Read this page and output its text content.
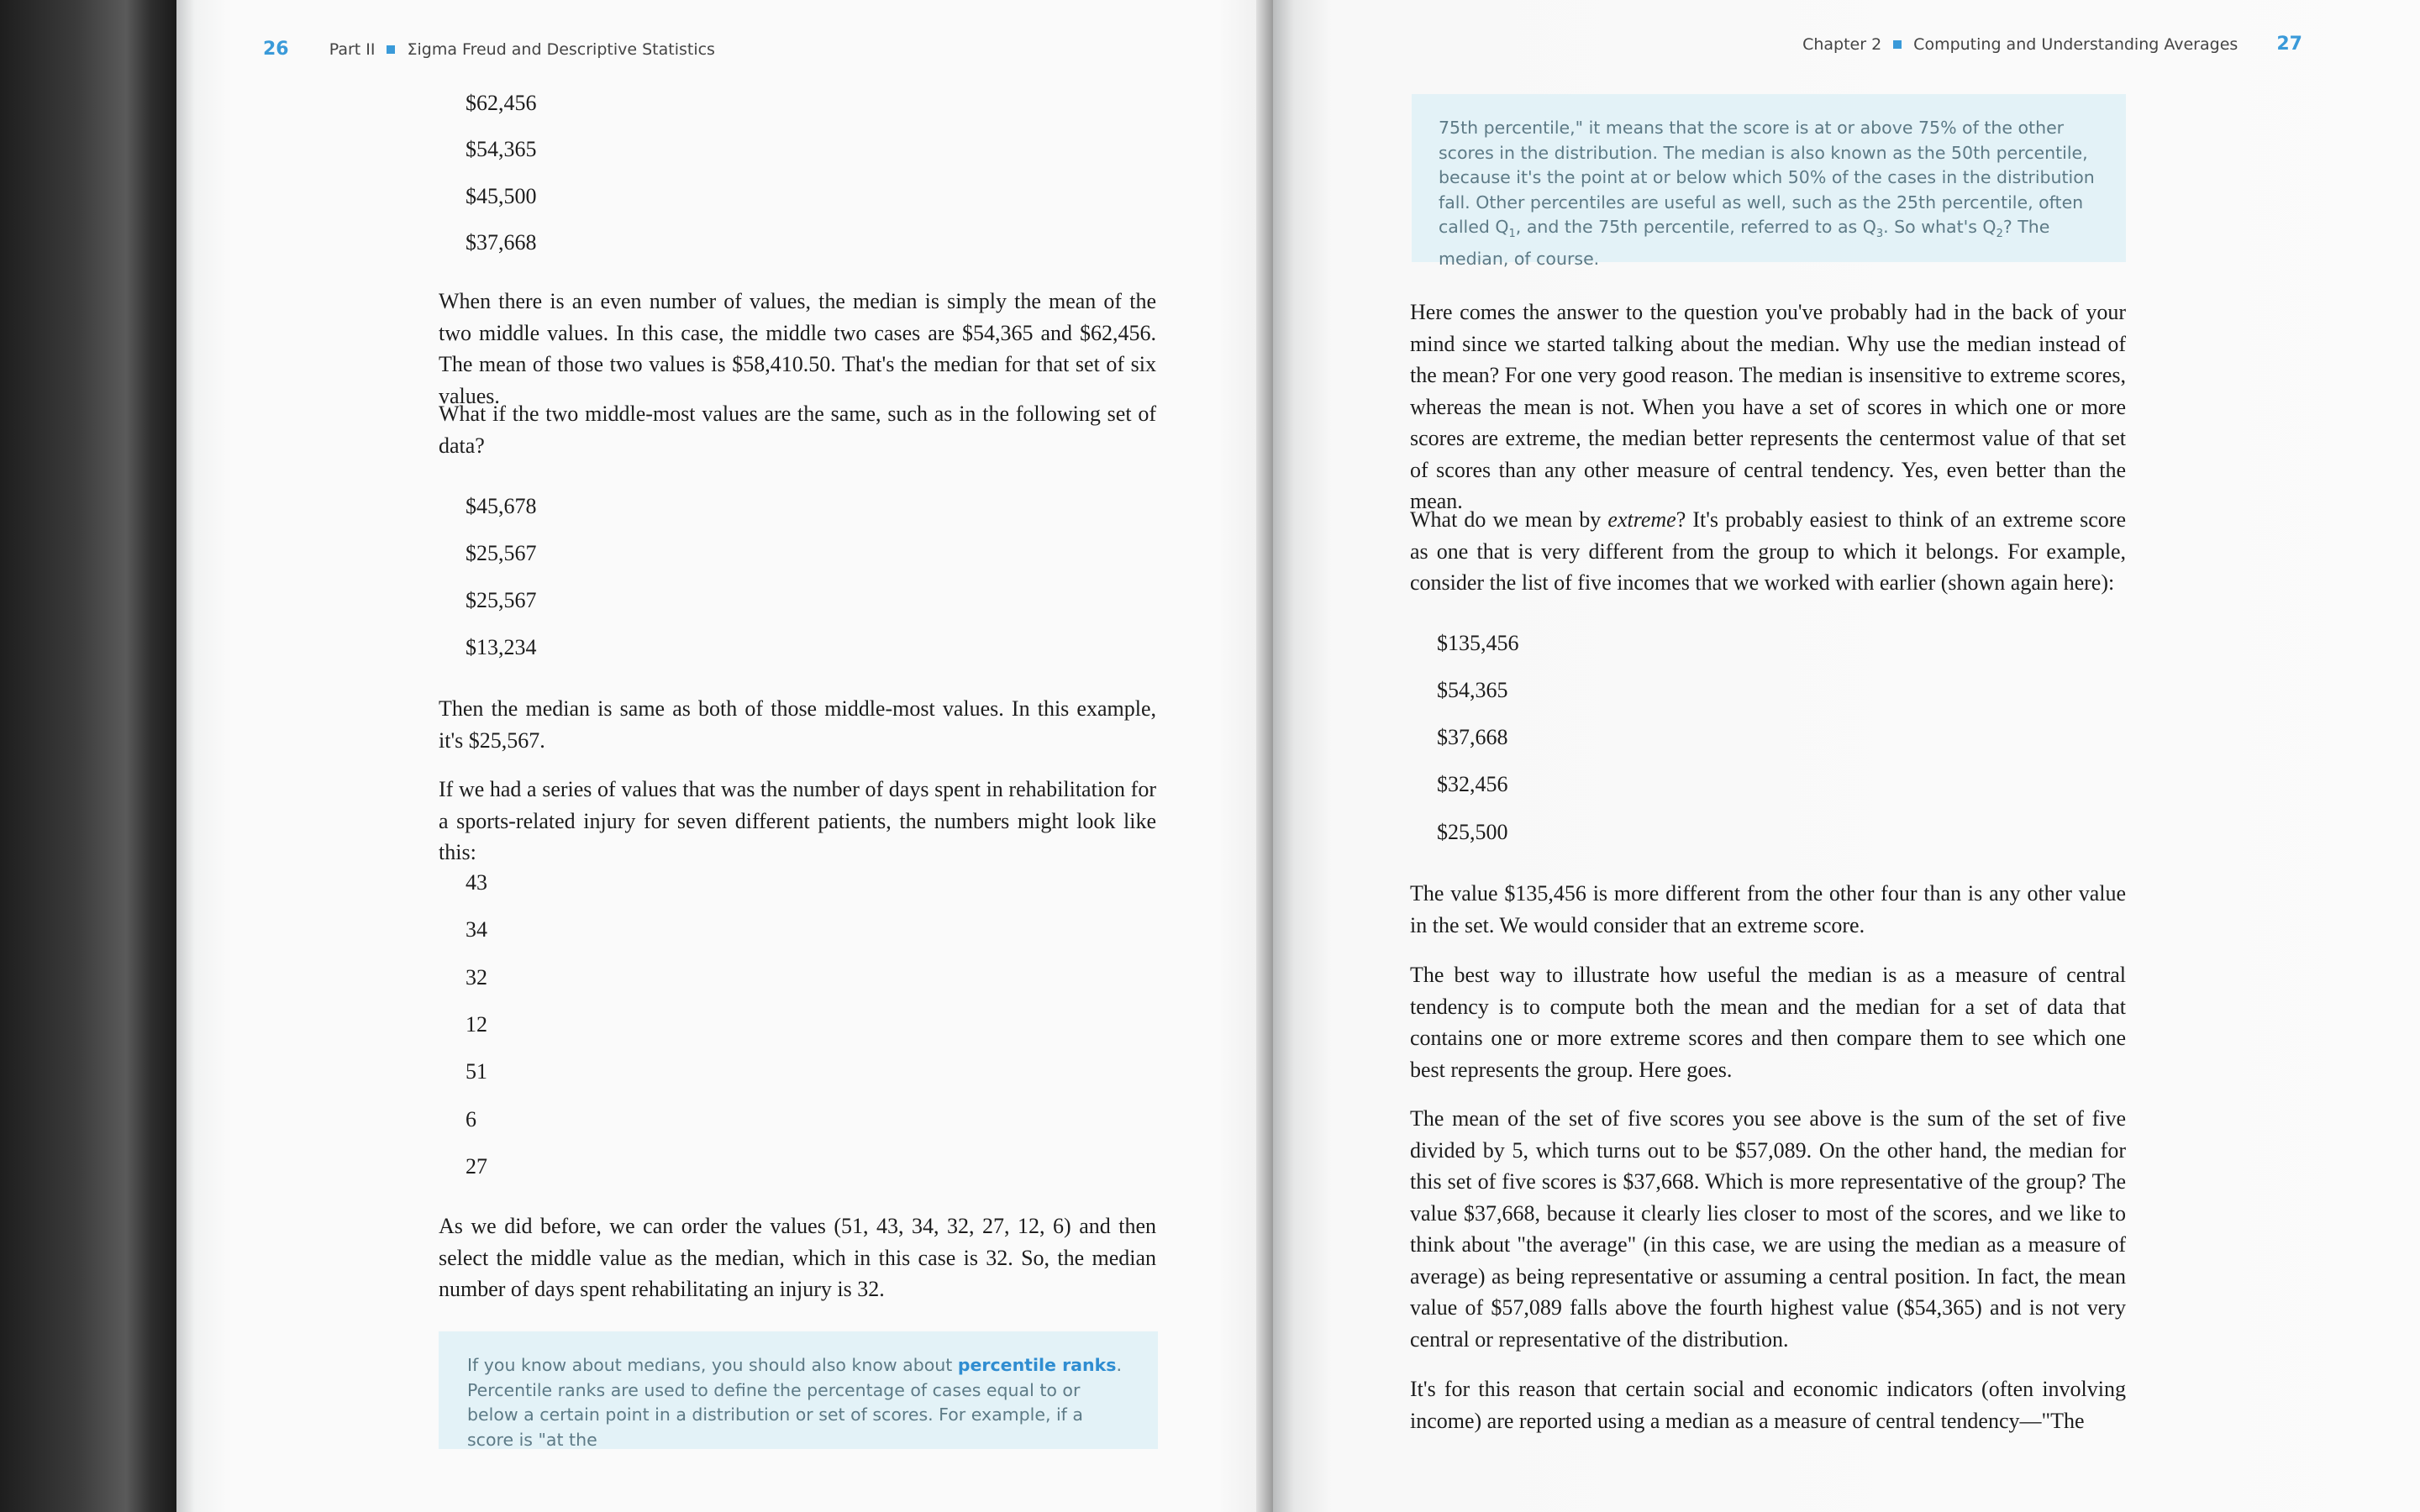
26	Part II Σigma Freud and Descriptive Statistics
$62,456
$54,365
$45,500
$37,668

When there is an even number of values, the median is simply the mean of the two middle values. In this case, the middle two cases are $54,365 and $62,456. The mean of those two values is $58,410.50. That's the median for that set of six values.

What if the two middle-most values are the same, such as in the following set of data?

$45,678
$25,567
$25,567
$13,234

Then the median is same as both of those middle-most values. In this example, it's $25,567.

If we had a series of values that was the number of days spent in rehabilitation for a sports-related injury for seven different patients, the numbers might look like this:

43
34
32
12
51
6
27

As we did before, we can order the values (51, 43, 34, 32, 27, 12, 6) and then select the middle value as the median, which in this case is 32. So, the median number of days spent rehabilitating an injury is 32.

If you know about medians, you should also know about percentile ranks. Percentile ranks are used to define the percentage of cases equal to or below a certain point in a distribution or set of scores. For example, if a score is "at the

Chapter 2 Computing and Understanding Averages 27

75th percentile," it means that the score is at or above 75% of the other scores in the distribution. The median is also known as the 50th percentile, because it's the point at or below which 50% of the cases in the distribution fall. Other percentiles are useful as well, such as the 25th percentile, often called $Q_1$, and the 75th percentile, referred to as $Q_3$. So what's $Q_2$? The median, of course.

Here comes the answer to the question you've probably had in the back of your mind since we started talking about the median. Why use the median instead of the mean? For one very good reason. The median is insensitive to extreme scores, whereas the mean is not. When you have a set of scores in which one or more scores are extreme, the median better represents the centermost value of that set of scores than any other measure of central tendency. Yes, even better than the mean.

What do we mean by extreme? It's probably easiest to think of an extreme score as one that is very different from the group to which it belongs. For example, consider the list of five incomes that we worked with earlier (shown again here):

$135,456
$54,365
$37,668
$32,456
$25,500

The value $135,456 is more different from the other four than is any other value in the set. We would consider that an extreme score.

The best way to illustrate how useful the median is as a measure of central tendency is to compute both the mean and the median for a set of data that contains one or more extreme scores and then compare them to see which one best represents the group. Here goes.

The mean of the set of five scores you see above is the sum of the set of five divided by 5, which turns out to be $57,089. On the other hand, the median for this set of five scores is $37,668. Which is more representative of the group? The value $37,668, because it clearly lies closer to most of the scores, and we like to think about "the average" (in this case, we are using the median as a measure of average) as being representative or assuming a central position. In fact, the mean value of $57,089 falls above the fourth highest value ($54,365) and is not very central or representative of the distribution.

It's for this reason that certain social and economic indicators (often involving income) are reported using a median as a measure of central tendency—"The
